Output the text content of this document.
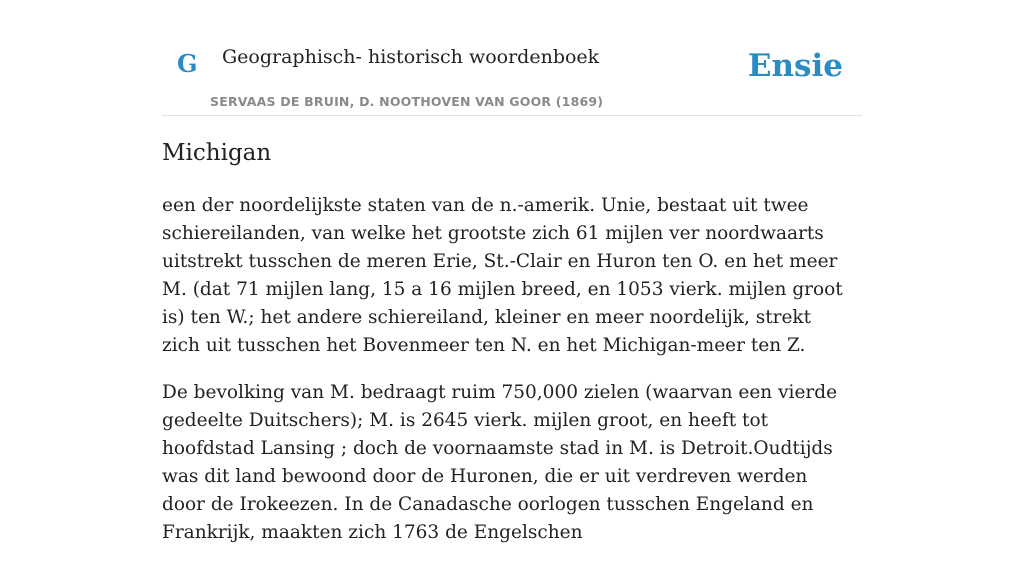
G Geographisch- historisch woordenboek
SERVAAS DE BRUIN, D. NOOTHOVEN VAN GOOR (1869)
Ensie
Michigan

een der noordelijkste staten van de n.-amerik. Unie, bestaat uit twee schiereilanden, van welke het grootste zich 61 mijlen ver noordwaarts uitstrekt tusschen de meren Erie, St.-Clair en Huron ten O. en het meer M. (dat 71 mijlen lang, 15 a 16 mijlen breed, en 1053 vierk. mijlen groot is) ten W.; het andere schiereiland, kleiner en meer noordelijk, strekt zich uit tusschen het Bovenmeer ten N. en het Michigan-meer ten Z.

De bevolking van M. bedraagt ruim 750,000 zielen (waarvan een vierde gedeelte Duitschers); M. is 2645 vierk. mijlen groot, en heeft tot hoofdstad Lansing ; doch de voornaamste stad in M. is Detroit.Oudtijds was dit land bewoond door de Huronen, die er uit verdreven werden door de Irokeezen. In de Canadasche oorlogen tusschen Engeland en Frankrijk, maakten zich 1763 de Engelschen
